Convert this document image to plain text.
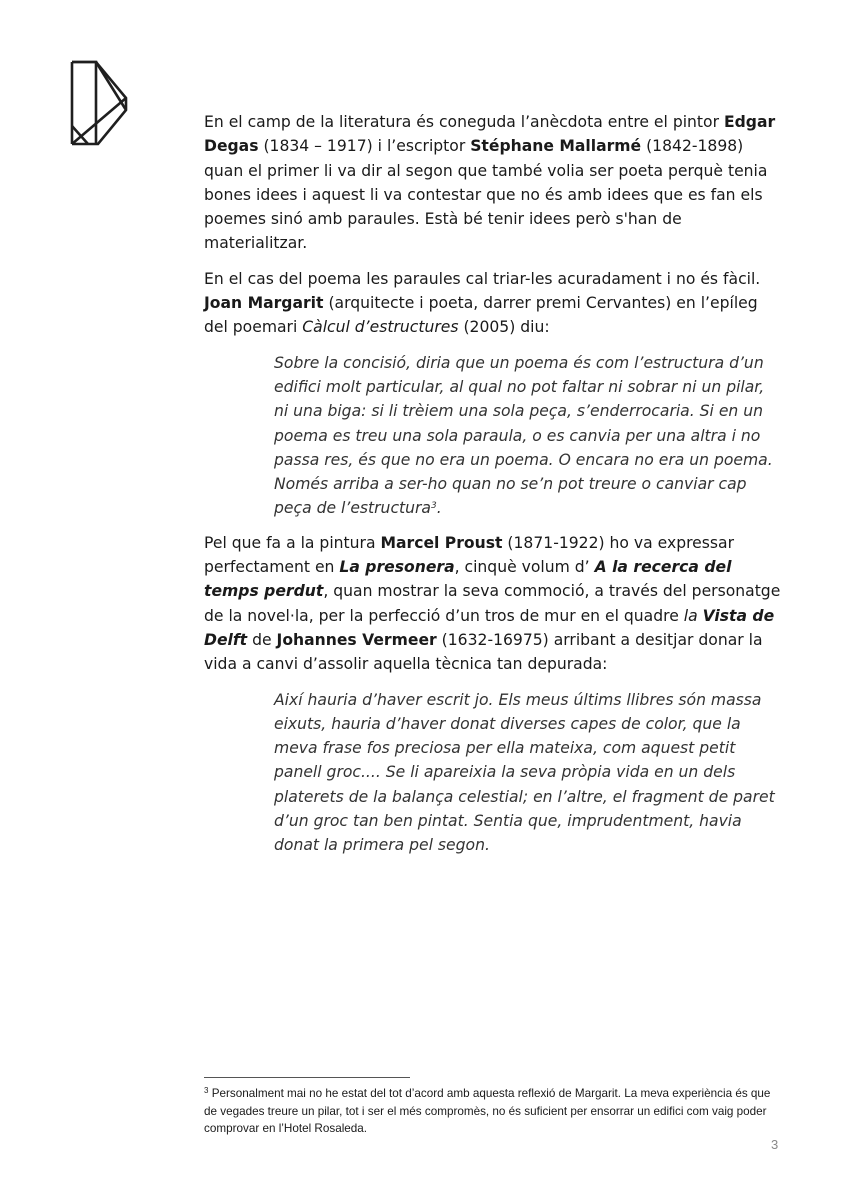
En el camp de la literatura és coneguda l’anècdota entre el pintor Edgar Degas (1834 – 1917) i l’escriptor Stéphane Mallarmé (1842-1898) quan el primer li va dir al segon que també volia ser poeta perquè tenia bones idees i aquest li va contestar que no és amb idees que es fan els poemes sinó amb paraules. Està bé tenir idees però s'han de materialitzar.

En el cas del poema les paraules cal triar-les acuradament i no és fàcil. Joan Margarit (arquitecte i poeta, darrer premi Cervantes) en l’epíleg del poemari Càlcul d’estructures (2005) diu:

Sobre la concisió, diria que un poema és com l’estructura d’un edifici molt particular, al qual no pot faltar ni sobrar ni un pilar, ni una biga: si li trèiem una sola peça, s’enderrocaria. Si en un poema es treu una sola paraula, o es canvia per una altra i no passa res, és que no era un poema. O encara no era un poema. Només arriba a ser-ho quan no se’n pot treure o canviar cap peça de l’estructura$^3$.

Pel que fa a la pintura Marcel Proust (1871-1922) ho va expressar perfectament en La presonera, cinquè volum d’ A la recerca del temps perdut, quan mostrar la seva commoció, a través del personatge de la novel·la, per la perfecció d’un tros de mur en el quadre la Vista de Delft de Johannes Vermeer (1632-16975) arribant a desitjar donar la vida a canvi d’assolir aquella tècnica tan depurada:

Així hauria d’haver escrit jo. Els meus últims llibres són massa eixuts, hauria d’haver donat diverses capes de color, que la meva frase fos preciosa per ella mateixa, com aquest petit panell groc.... Se li apareixia la seva pròpia vida en un dels platerets de la balança celestial; en l’altre, el fragment de paret d’un groc tan ben pintat. Sentia que, imprudentment, havia donat la primera pel segon.

$^3$ Personalment mai no he estat del tot d’acord amb aquesta reflexió de Margarit. La meva experiència és que de vegades treure un pilar, tot i ser el més compromès, no és suficient per ensorrar un edifici com vaig poder comprovar en l’Hotel Rosaleda.

3
